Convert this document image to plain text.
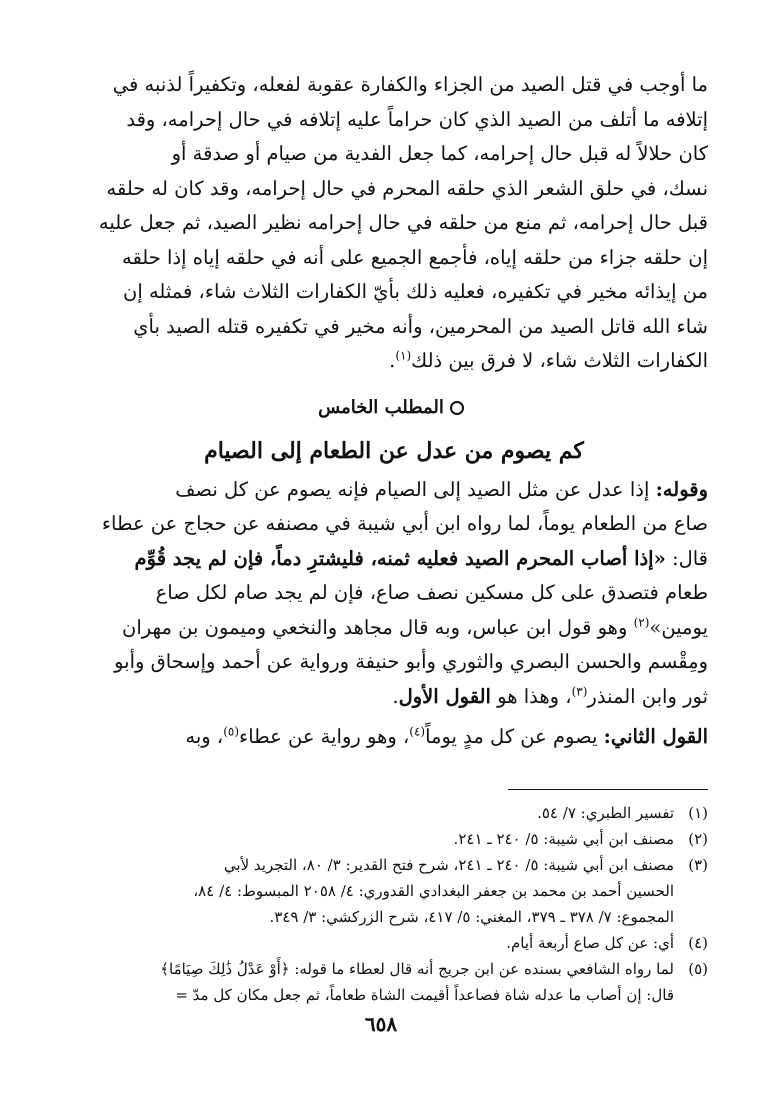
ما أوجب في قتل الصيد من الجزاء والكفارة عقوبة لفعله، وتكفيراً لذنبه في

إتلافه ما أتلف من الصيد الذي كان حراماً عليه إتلافه في حال إحرامه، وقد

كان حلالاً له قبل حال إحرامه، كما جعل الفدية من صيام أو صدقة أو

نسك، في حلق الشعر الذي حلقه المحرم في حال إحرامه، وقد كان له حلقه

قبل حال إحرامه، ثم منع من حلقه في حال إحرامه نظير الصيد، ثم جعل عليه

إن حلقه جزاء من حلقه إياه، فأجمع الجميع على أنه في حلقه إياه إذا حلقه

من إيذائه مخير في تكفيره، فعليه ذلك بأيّ الكفارات الثلاث شاء، فمثله إن

شاء الله قاتل الصيد من المحرمين، وأنه مخير في تكفيره قتله الصيد بأي

الكفارات الثلاث شاء، لا فرق بين ذلك$^{(١)}$.

المطلب الخامس
كم يصوم من عدل عن الطعام إلى الصيام

وقوله: إذا عدل عن مثل الصيد إلى الصيام فإنه يصوم عن كل نصف

صاع من الطعام يوماً، لما رواه ابن أبي شيبة في مصنفه عن حجاج عن عطاء

قال: «إذا أصاب المحرم الصيد فعليه ثمنه، فليشترِ دماً، فإن لم يجد قُوِّم

طعام فتصدق على كل مسكين نصف صاع، فإن لم يجد صام لكل صاع

يومين»$^{(٢)}$ وهو قول ابن عباس، وبه قال مجاهد والنخعي وميمون بن مهران

ومِقْسم والحسن البصري والثوري وأبو حنيفة ورواية عن أحمد وإسحاق وأبو

ثور وابن المنذر$^{(٣)}$، وهذا هو القول الأول.

القول الثاني: يصوم عن كل مدٍ يوماً$^{(٤)}$، وهو رواية عن عطاء$^{(٥)}$، وبه

(١)
تفسير الطبري: ٧/ ٥٤.
(٢)
مصنف ابن أبي شيبة: ٥/ ٢٤٠ ـ ٢٤١.
(٣)
مصنف ابن أبي شيبة: ٥/ ٢٤٠ ـ ٢٤١، شرح فتح القدير: ٣/ ٨٠، التجريد لأبي
الحسين أحمد بن محمد بن جعفر البغدادي القدوري: ٤/ ٢٠٥٨ المبسوط: ٤/ ٨٤،
المجموع: ٧/ ٣٧٨ ـ ٣٧٩، المغني: ٥/ ٤١٧، شرح الزركشي: ٣/ ٣٤٩.
(٤)
أي: عن كل صاع أربعة أيام.
(٥)
لما رواه الشافعي بسنده عن ابن جريج أنه قال لعطاء ما قوله: ﴿أَوْ عَدْلُ ذَٰلِكَ صِيَامًا﴾
قال: إن أصاب ما عدله شاة فصاعداً أقيمت الشاة طعاماً، ثم جعل مكان كل مدّ =
٦٥٨
